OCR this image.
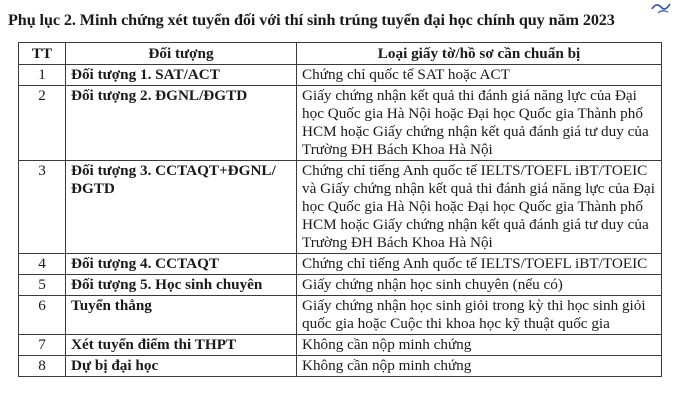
Phụ lục 2. Minh chứng xét tuyển đối với thí sinh trúng tuyển đại học chính quy năm 2023
TT	Đối tượng	Loại giấy tờ/hồ sơ cần chuẩn bị
1	Đối tượng 1. SAT/ACT	Chứng chỉ quốc tế SAT hoặc ACT
2	Đối tượng 2. ĐGNL/ĐGTD	Giấy chứng nhận kết quả thi đánh giá năng lực của Đại học Quốc gia Hà Nội hoặc Đại học Quốc gia Thành phố HCM hoặc Giấy chứng nhận kết quả đánh giá tư duy của Trường ĐH Bách Khoa Hà Nội
3	Đối tượng 3. CCTAQT+ĐGNL/ĐGTD	Chứng chỉ tiếng Anh quốc tế IELTS/TOEFL iBT/TOEIC và Giấy chứng nhận kết quả thi đánh giá năng lực của Đại học Quốc gia Hà Nội hoặc Đại học Quốc gia Thành phố HCM hoặc Giấy chứng nhận kết quả đánh giá tư duy của Trường ĐH Bách Khoa Hà Nội
4	Đối tượng 4. CCTAQT	Chứng chỉ tiếng Anh quốc tế IELTS/TOEFL iBT/TOEIC
5	Đối tượng 5. Học sinh chuyên	Giấy chứng nhận học sinh chuyên (nếu có)
6	Tuyển thẳng	Giấy chứng nhận học sinh giỏi trong kỳ thi học sinh giỏi quốc gia hoặc Cuộc thi khoa học kỹ thuật quốc gia
7	Xét tuyển điểm thi THPT	Không cần nộp minh chứng
8	Dự bị đại học	Không cần nộp minh chứng
